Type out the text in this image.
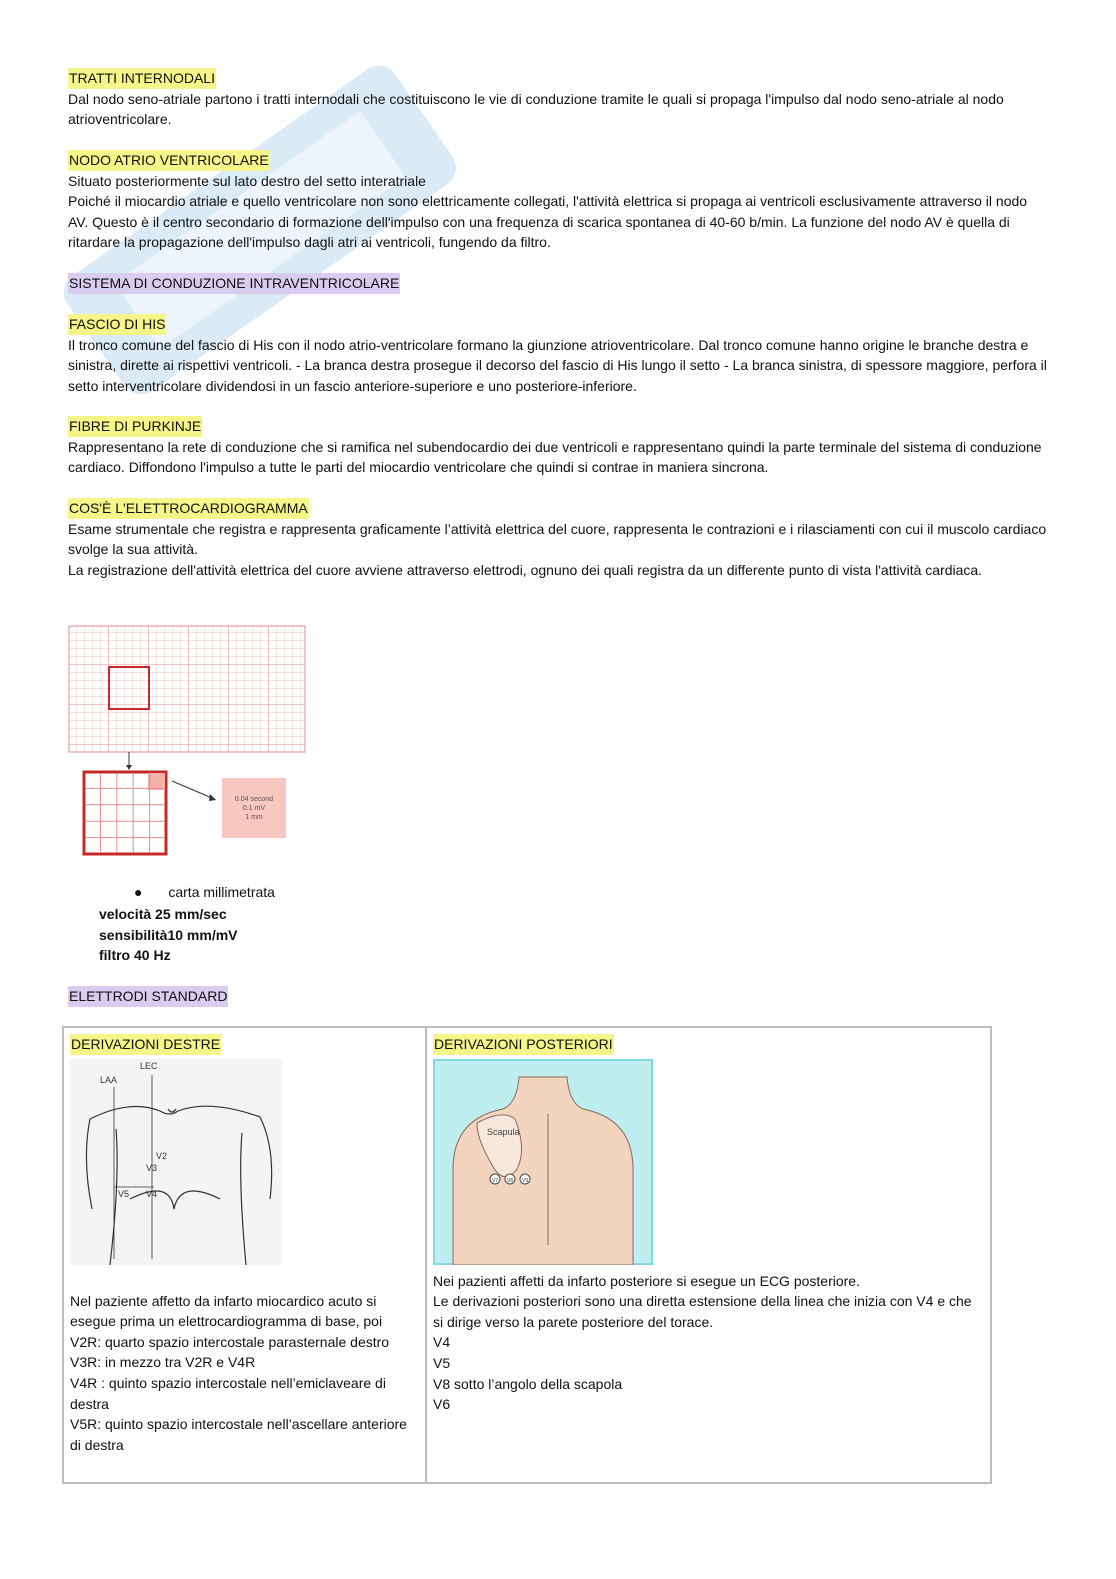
TRATTI INTERNODALI

Dal nodo seno-atriale partono i tratti internodali che costituiscono le vie di conduzione tramite le quali si propaga l'impulso dal nodo seno-atriale al nodo atrioventricolare.

NODO ATRIO VENTRICOLARE

Situato posteriormente sul lato destro del setto interatriale

Poiché il miocardio atriale e quello ventricolare non sono elettricamente collegati, l'attività elettrica si propaga ai ventricoli esclusivamente attraverso il nodo AV. Questo è il centro secondario di formazione dell'impulso con una frequenza di scarica spontanea di 40-60 b/min. La funzione del nodo AV è quella di ritardare la propagazione dell'impulso dagli atri ai ventricoli, fungendo da filtro.

SISTEMA DI CONDUZIONE INTRAVENTRICOLARE
FASCIO DI HIS

Il tronco comune del fascio di His con il nodo atrio-ventricolare formano la giunzione atrioventricolare. Dal tronco comune hanno origine le branche destra e sinistra, dirette ai rispettivi ventricoli. - La branca destra prosegue il decorso del fascio di His lungo il setto - La branca sinistra, di spessore maggiore, perfora il setto interventricolare dividendosi in un fascio anteriore-superiore e uno posteriore-inferiore.

FIBRE DI PURKINJE

Rappresentano la rete di conduzione che si ramifica nel subendocardio dei due ventricoli e rappresentano quindi la parte terminale del sistema di conduzione cardiaco. Diffondono l'impulso a tutte le parti del miocardio ventricolare che quindi si contrae in maniera sincrona.

COS'È L'ELETTROCARDIOGRAMMA

Esame strumentale che registra e rappresenta graficamente l’attività elettrica del cuore, rappresenta le contrazioni e i rilasciamenti con cui il muscolo cardiaco svolge la sua attività.

La registrazione dell'attività elettrica del cuore avviene attraverso elettrodi, ognuno dei quali registra da un differente punto di vista l'attività cardiaca.

0.04 second
0.1 mV
1 mm
● carta millimetrata

velocità 25 mm/sec

sensibilità10 mm/mV

filtro 40 Hz

ELETTRODI STANDARD
DERIVAZIONI DESTRE
LAA
LEC
V2
V3
V4
V5

Nel paziente affetto da infarto miocardico acuto si esegue prima un elettrocardiogramma di base, poi

V2R: quarto spazio intercostale parasternale destro

V3R: in mezzo tra V2R e V4R

V4R : quinto spazio intercostale nell’emiclaveare di destra

V5R: quinto spazio intercostale nell’ascellare anteriore di destra

	DERIVAZIONI POSTERIORI
Scapula
V7 V8 V9

Nei pazienti affetti da infarto posteriore si esegue un ECG posteriore.

Le derivazioni posteriori sono una diretta estensione della linea che inizia con V4 e che si dirige verso la parete posteriore del torace.

V4

V5

V8 sotto l’angolo della scapola

V6
